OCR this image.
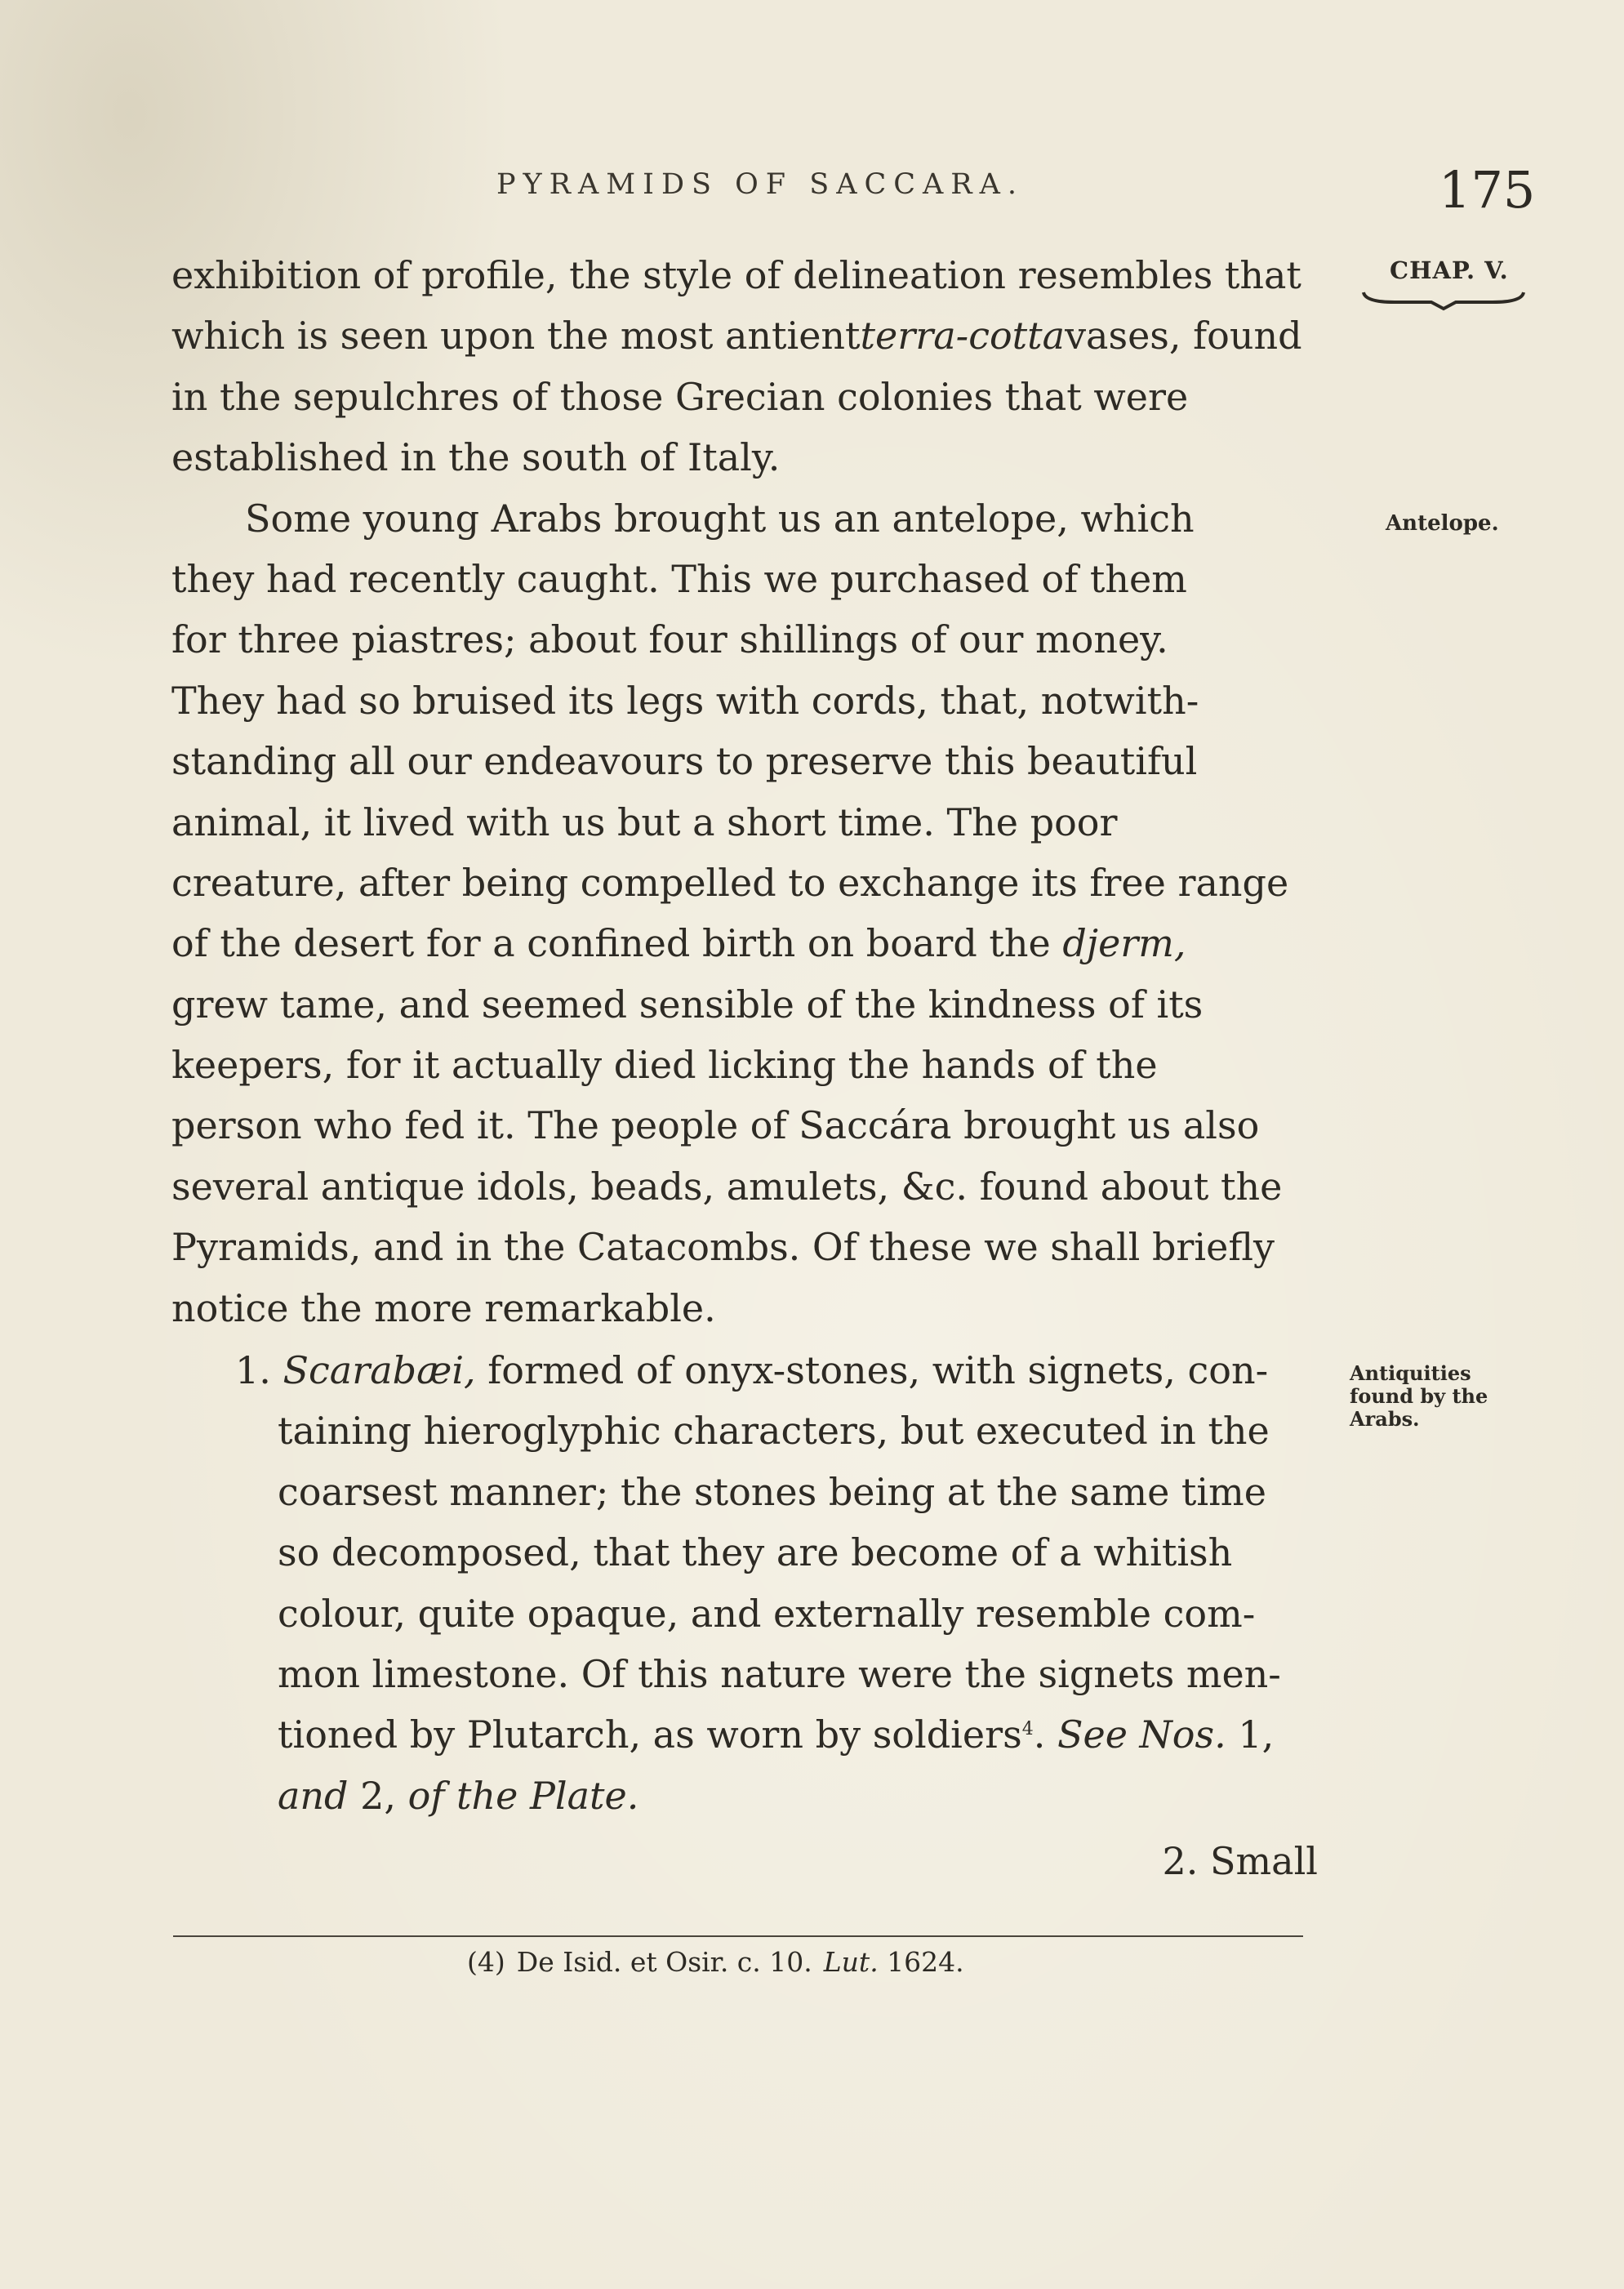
PYRAMIDS OF SACCARA.	175
CHAP. V.
Antelope.
Antiquities
found by the
Arabs.
exhibition of profile, the style of delineation resembles that
which is seen upon the most antientterra-cottavases, found
in the sepulchres of those Grecian colonies that were
established in the south of Italy.
Some young Arabs brought us an antelope, which
they had recently caught. This we purchased of them
for three piastres; about four shillings of our money.
They had so bruised its legs with cords, that, notwith-
standing all our endeavours to preserve this beautiful
animal, it lived with us but a short time. The poor
creature, after being compelled to exchange its free range
of the desert for a confined birth on board the djerm,
grew tame, and seemed sensible of the kindness of its
keepers, for it actually died licking the hands of the
person who fed it. The people of Saccára brought us also
several antique idols, beads, amulets, &c. found about the
Pyramids, and in the Catacombs. Of these we shall briefly
notice the more remarkable.
1. Scarabæi, formed of onyx-stones, with signets, con-
taining hieroglyphic characters, but executed in the
coarsest manner; the stones being at the same time
so decomposed, that they are become of a whitish
colour, quite opaque, and externally resemble com-
mon limestone. Of this nature were the signets men-
tioned by Plutarch, as worn by soldiers4. See Nos. 1,
and 2, of the Plate.
2. Small
(4) De Isid. et Osir. c. 10. Lut. 1624.
